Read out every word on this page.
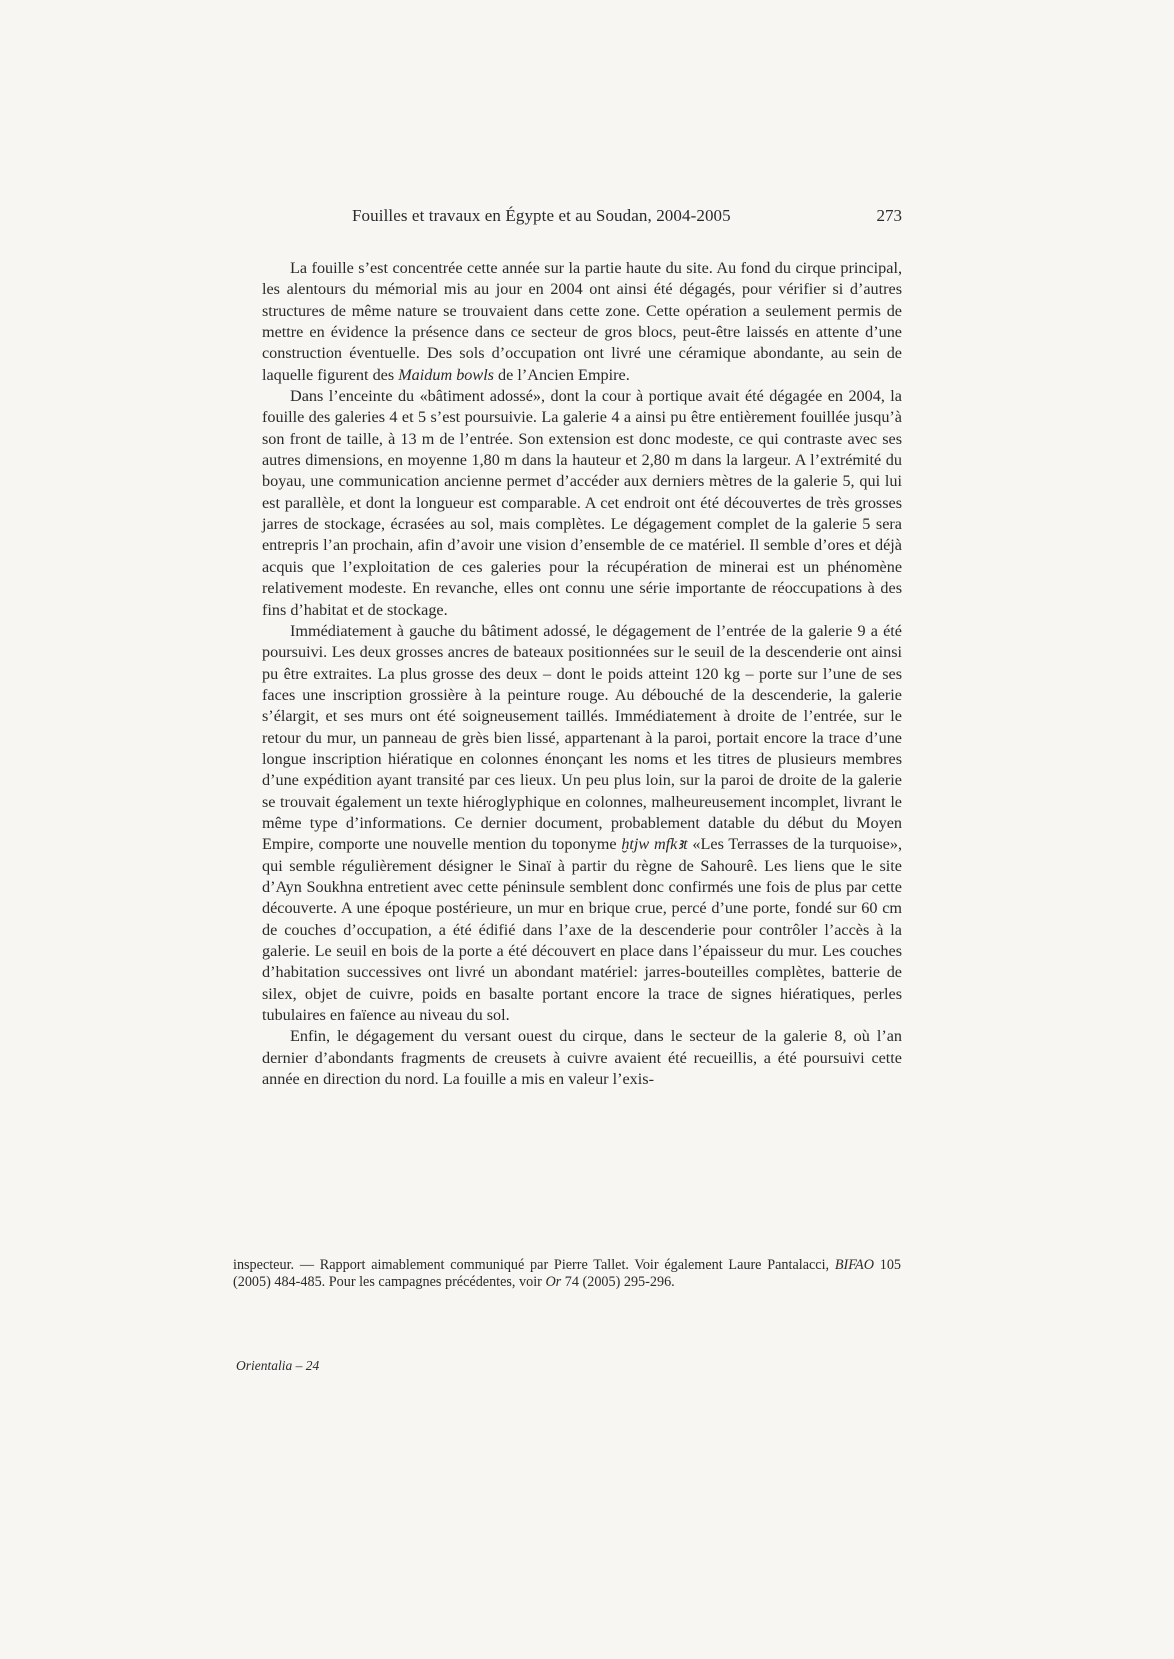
Fouilles et travaux en Égypte et au Soudan, 2004-2005	273

La fouille s’est concentrée cette année sur la partie haute du site. Au fond du cirque principal, les alentours du mémorial mis au jour en 2004 ont ainsi été dégagés, pour vérifier si d’autres structures de même nature se trouvaient dans cette zone. Cette opération a seulement permis de mettre en évidence la présence dans ce secteur de gros blocs, peut-être laissés en attente d’une construction éventuelle. Des sols d’occupation ont livré une céramique abondante, au sein de laquelle figurent des Maidum bowls de l’Ancien Empire.

Dans l’enceinte du «bâtiment adossé», dont la cour à portique avait été dégagée en 2004, la fouille des galeries 4 et 5 s’est poursuivie. La galerie 4 a ainsi pu être entièrement fouillée jusqu’à son front de taille, à 13 m de l’entrée. Son extension est donc modeste, ce qui contraste avec ses autres dimensions, en moyenne 1,80 m dans la hauteur et 2,80 m dans la largeur. A l’extrémité du boyau, une communication ancienne permet d’accéder aux derniers mètres de la galerie 5, qui lui est parallèle, et dont la longueur est comparable. A cet endroit ont été découvertes de très grosses jarres de stockage, écrasées au sol, mais complètes. Le dégagement complet de la galerie 5 sera entrepris l’an prochain, afin d’avoir une vision d’ensemble de ce matériel. Il semble d’ores et déjà acquis que l’exploitation de ces galeries pour la récupération de minerai est un phénomène relativement modeste. En revanche, elles ont connu une série importante de réoccupations à des fins d’habitat et de stockage.

Immédiatement à gauche du bâtiment adossé, le dégagement de l’entrée de la galerie 9 a été poursuivi. Les deux grosses ancres de bateaux positionnées sur le seuil de la descenderie ont ainsi pu être extraites. La plus grosse des deux – dont le poids atteint 120 kg – porte sur l’une de ses faces une inscription grossière à la peinture rouge. Au débouché de la descenderie, la galerie s’élargit, et ses murs ont été soigneusement taillés. Immédiatement à droite de l’entrée, sur le retour du mur, un panneau de grès bien lissé, appartenant à la paroi, portait encore la trace d’une longue inscription hiératique en colonnes énonçant les noms et les titres de plusieurs membres d’une expédition ayant transité par ces lieux. Un peu plus loin, sur la paroi de droite de la galerie se trouvait également un texte hiéroglyphique en colonnes, malheureusement incomplet, livrant le même type d’informations. Ce dernier document, probablement datable du début du Moyen Empire, comporte une nouvelle mention du toponyme ḫtjw mfkꜣt «Les Terrasses de la turquoise», qui semble régulièrement désigner le Sinaï à partir du règne de Sahourê. Les liens que le site d’Ayn Soukhna entretient avec cette péninsule semblent donc confirmés une fois de plus par cette découverte. A une époque postérieure, un mur en brique crue, percé d’une porte, fondé sur 60 cm de couches d’occupation, a été édifié dans l’axe de la descenderie pour contrôler l’accès à la galerie. Le seuil en bois de la porte a été découvert en place dans l’épaisseur du mur. Les couches d’habitation successives ont livré un abondant matériel: jarres-bouteilles complètes, batterie de silex, objet de cuivre, poids en basalte portant encore la trace de signes hiératiques, perles tubulaires en faïence au niveau du sol.

Enfin, le dégagement du versant ouest du cirque, dans le secteur de la galerie 8, où l’an dernier d’abondants fragments de creusets à cuivre avaient été recueillis, a été poursuivi cette année en direction du nord. La fouille a mis en valeur l’exis-

inspecteur. — Rapport aimablement communiqué par Pierre Tallet. Voir également Laure Pantalacci, BIFAO 105 (2005) 484-485. Pour les campagnes précédentes, voir Or 74 (2005) 295-296.

Orientalia – 24
